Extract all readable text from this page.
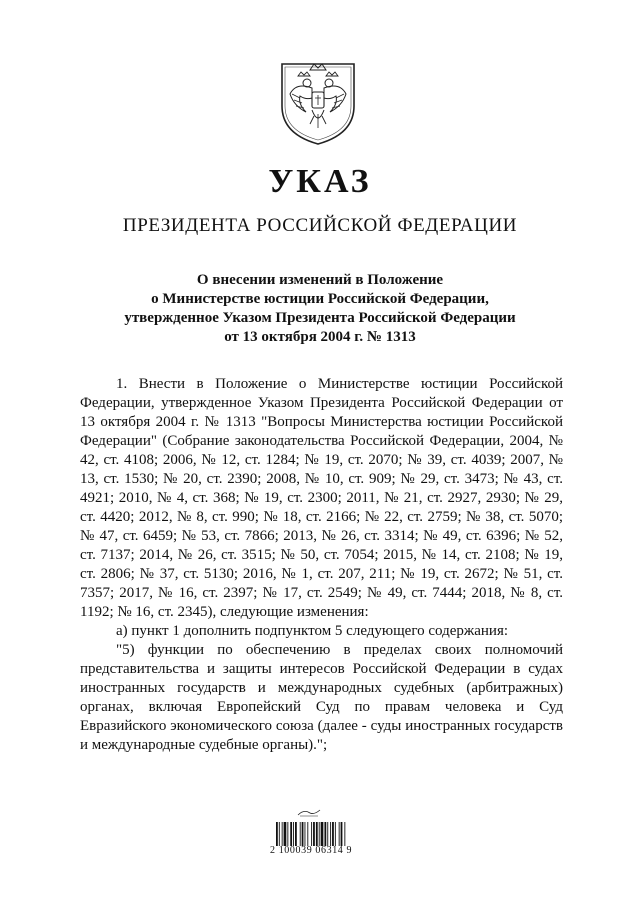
УКАЗ
ПРЕЗИДЕНТА РОССИЙСКОЙ ФЕДЕРАЦИИ
О внесении изменений в Положение
о Министерстве юстиции Российской Федерации,
утвержденное Указом Президента Российской Федерации
от 13 октября 2004 г. № 1313

1. Внести в Положение о Министерстве юстиции Российской Федерации, утвержденное Указом Президента Российской Федерации от 13 октября 2004 г. № 1313 "Вопросы Министерства юстиции Российской Федерации" (Собрание законодательства Российской Федерации, 2004, № 42, ст. 4108; 2006, № 12, ст. 1284; № 19, ст. 2070; № 39, ст. 4039; 2007, № 13, ст. 1530; № 20, ст. 2390; 2008, № 10, ст. 909; № 29, ст. 3473; № 43, ст. 4921; 2010, № 4, ст. 368; № 19, ст. 2300; 2011, № 21, ст. 2927, 2930; № 29, ст. 4420; 2012, № 8, ст. 990; № 18, ст. 2166; № 22, ст. 2759; № 38, ст. 5070; № 47, ст. 6459; № 53, ст. 7866; 2013, № 26, ст. 3314; № 49, ст. 6396; № 52, ст. 7137; 2014, № 26, ст. 3515; № 50, ст. 7054; 2015, № 14, ст. 2108; № 19, ст. 2806; № 37, ст. 5130; 2016, № 1, ст. 207, 211; № 19, ст. 2672; № 51, ст. 7357; 2017, № 16, ст. 2397; № 17, ст. 2549; № 49, ст. 7444; 2018, № 8, ст. 1192; № 16, ст. 2345), следующие изменения:

а) пункт 1 дополнить подпунктом 5 следующего содержания:

"5) функции по обеспечению в пределах своих полномочий представительства и защиты интересов Российской Федерации в судах иностранных государств и международных судебных (арбитражных) органах, включая Европейский Суд по правам человека и Суд Евразийского экономического союза (далее - суды иностранных государств и международные судебные органы).";

2 100039 06314 9
